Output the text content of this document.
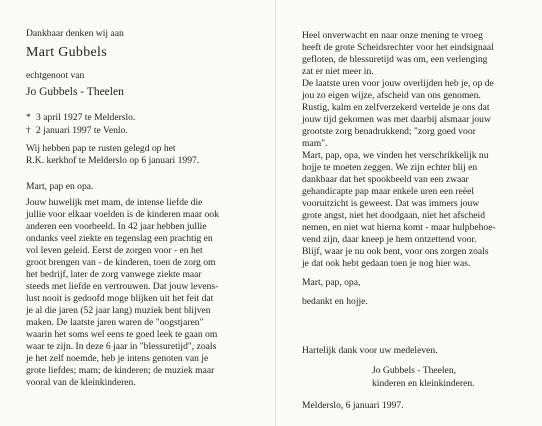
Dankbaar denken wij aan
Mart Gubbels
echtgenoot van
Jo Gubbels - Theelen
* 3 april 1927 te Melderslo.
† 2 januari 1997 te Venlo.
Wij hebben pap te rusten gelegd op het
R.K. kerkhof te Melderslo op 6 januari 1997.
Mart, pap en opa.
Jouw huwelijk met mam, de intense liefde die
jullie voor elkaar voelden is de kinderen maar ook
anderen een voorbeeld. In 42 jaar hebben jullie
ondanks veel ziekte en tegenslag een prachtig en
vol leven geleid. Eerst de zorgen voor - en het
groot brengen van - de kinderen, toen de zorg om
het bedrijf, later de zorg vanwege ziekte maar
steeds met liefde en vertrouwen. Dat jouw levens-
lust nooit is gedoofd moge blijken uit het feit dat
je al die jaren (52 jaar lang) muziek bent blijven
maken. De laatste jaren waren de "oogstjaren"
waarin het soms wel eens te goed leek te gaan om
waar te zijn. In deze 6 jaar in "blessuretijd", zoals
je het zelf noemde, heb je intens genoten van je
grote liefdes; mam; de kinderen; de muziek maar
vooral van de kleinkinderen.
Heel onverwacht en naar onze mening te vroeg
heeft de grote Scheidsrechter voor het eindsignaal
gefloten, de blessuretijd was om, een verlenging
zat er niet meer in.
De laatste uren voor jouw overlijden heb je, op de
jou zo eigen wijze, afscheid van ons genomen.
Rustig, kalm en zelfverzekerd vertelde je ons dat
jouw tijd gekomen was met daarbij alsmaar jouw
grootste zorg benadrukkend; "zorg goed voor
mam".
Mart, pap, opa, we vinden het verschrikkelijk nu
hojje te moeten zeggen. We zijn echter blij en
dankbaar dat het spookbeeld van een zwaar
gehandicapte pap maar enkele uren een reëel
vooruitzicht is geweest. Dat was immers jouw
grote angst, niet het doodgaan, niet het afscheid
nemen, en niet wat hierna komt - maar hulpbehoe-
vend zijn, daar kneep je hem ontzettend voor.
Blijf, waar je nu ook bent, voor ons zorgen zoals
je dat ook hebt gedaan toen je nog hier was.
Mart, pap, opa,
bedankt en hojje.
Hartelijk dank voor uw medeleven.
Jo Gubbels - Theelen,
kinderen en kleinkinderen.
Melderslo, 6 januari 1997.
